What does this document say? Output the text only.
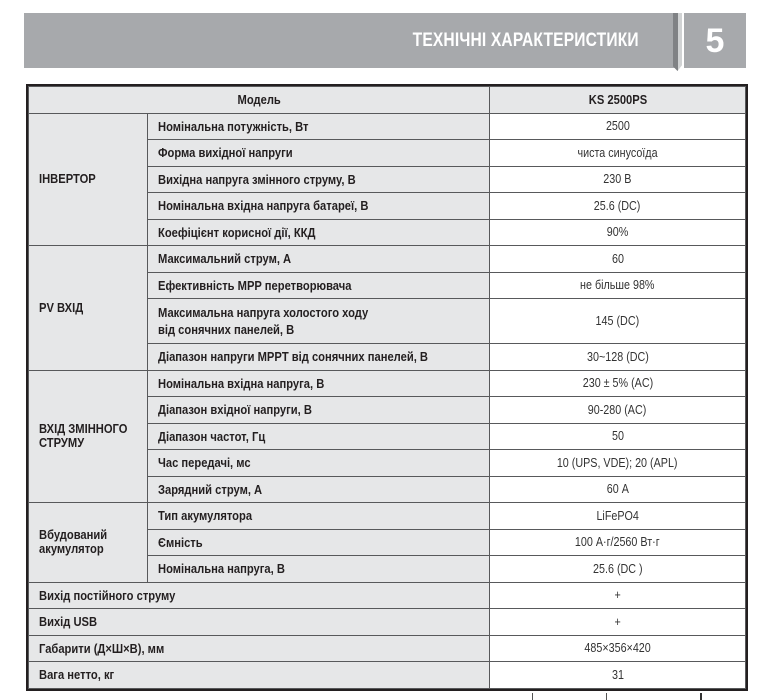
ТЕХНІЧНІ ХАРАКТЕРИСТИКИ	5
Модель		KS 2500PS
ІНВЕРТОР	Номінальна потужність, Вт	2500
	Форма вихідної напруги	чиста синусоїда
	Вихідна напруга змінного струму, В	230 В
	Номінальна вхідна напруга батареї, В	25.6 (DC)
	Коефіцієнт корисної дії, ККД	90%
PV ВХІД	Максимальний струм, А	60
	Ефективність MPP перетворювача	не більше 98%
	Максимальна напруга холостого ходу
від сонячних панелей, В	145 (DC)
	Діапазон напруги MPPT від сонячних панелей, В	30~128 (DC)
ВХІД ЗМІННОГО
СТРУМУ	Номінальна вхідна напруга, В	230 ± 5% (AC)
	Діапазон вхідної напруги, В	90-280 (AC)
	Діапазон частот, Гц	50
	Час передачі, мс	10 (UPS, VDE); 20 (APL)
	Зарядний струм, А	60 А
Вбудований
акумулятор	Тип акумулятора	LiFePO4
	Ємність	100 А·г/2560 Вт·г
	Номінальна напруга, В	25.6 (DC )
Вихід постійного струму		+
Вихід USB		+
Габарити (Д×Ш×В), мм		485×356×420
Вага нетто, кг		31
